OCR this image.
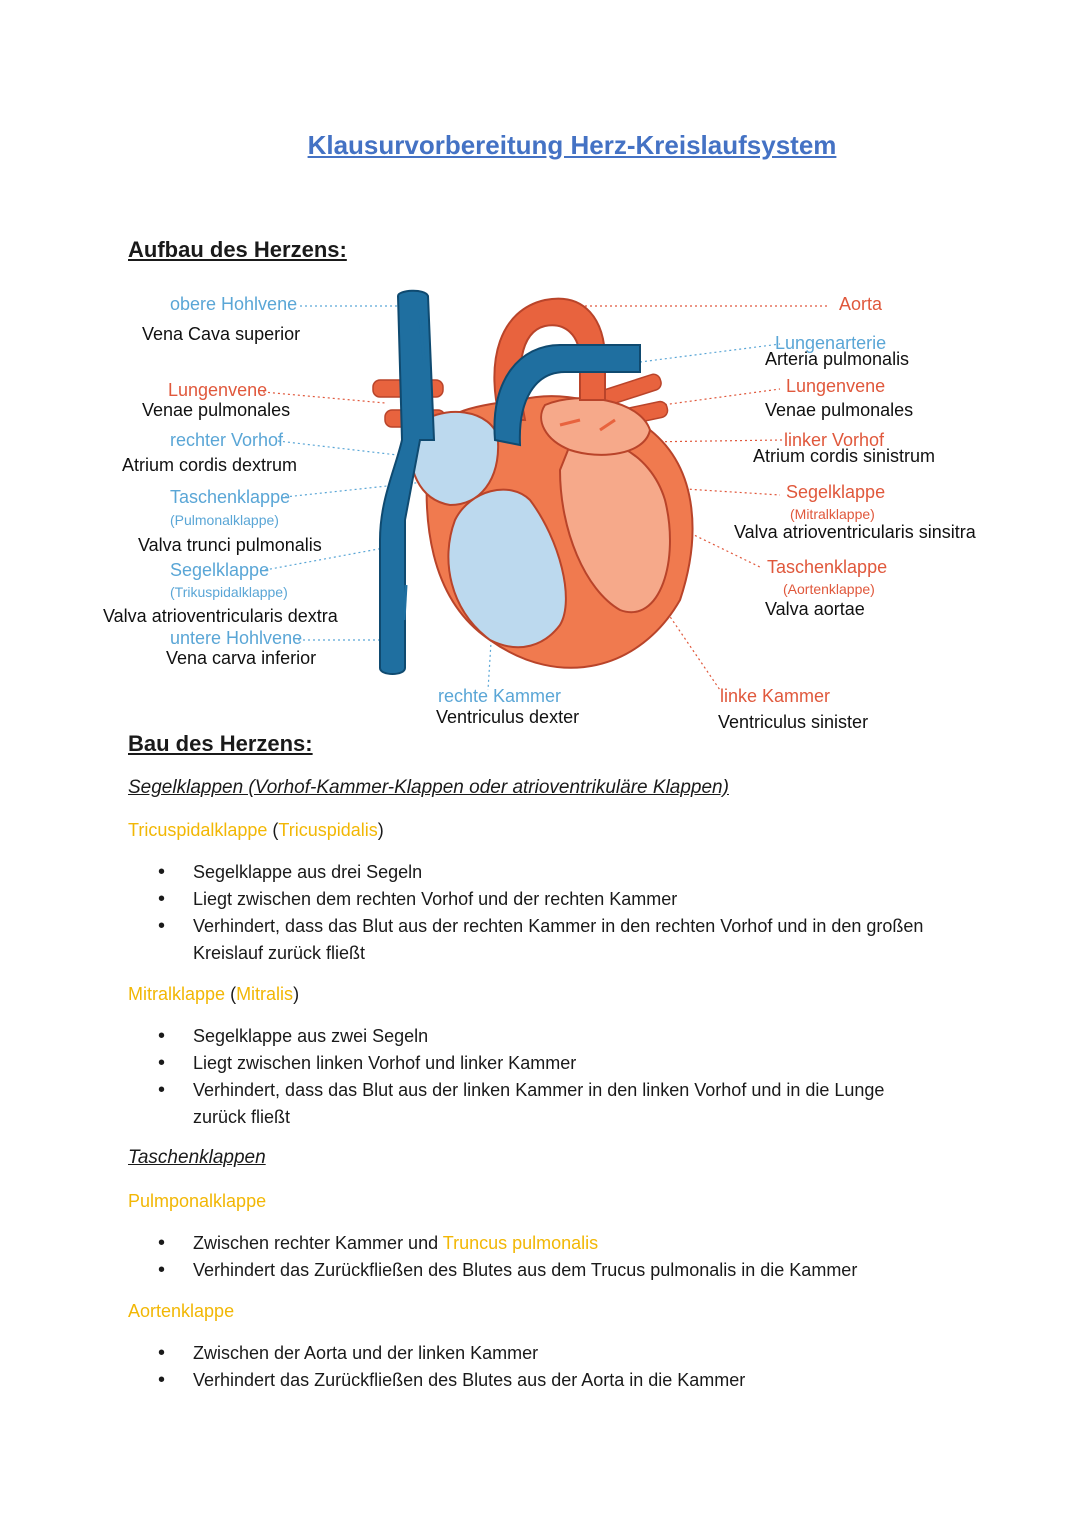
Klausurvorbereitung Herz-Kreislaufsystem
Aufbau des Herzens:
obere Hohlvene
Vena Cava superior
Lungenvene
Venae pulmonales
rechter Vorhof
Atrium cordis dextrum
Taschenklappe
(Pulmonalklappe)
Valva trunci pulmonalis
Segelklappe
(Trikuspidalklappe)
Valva atrioventricularis dextra
untere Hohlvene
Vena carva inferior
Aorta
Lungenarterie
Arteria pulmonalis
Lungenvene
Venae pulmonales
linker Vorhof
Atrium cordis sinistrum
Segelklappe
(Mitralklappe)
Valva atrioventricularis sinsitra
Taschenklappe
(Aortenklappe)
Valva aortae
rechte Kammer
Ventriculus dexter
linke Kammer
Ventriculus sinister
Bau des Herzens:
Segelklappen (Vorhof-Kammer-Klappen oder atrioventrikuläre Klappen)
Tricuspidalklappe (Tricuspidalis)
• Segelklappe aus drei Segeln
• Liegt zwischen dem rechten Vorhof und der rechten Kammer
• Verhindert, dass das Blut aus der rechten Kammer in den rechten Vorhof und in den großen
Kreislauf zurück fließt
Mitralklappe (Mitralis)
• Segelklappe aus zwei Segeln
• Liegt zwischen linken Vorhof und linker Kammer
• Verhindert, dass das Blut aus der linken Kammer in den linken Vorhof und in die Lunge
zurück fließt
Taschenklappen
Pulmponalklappe
• Zwischen rechter Kammer und Truncus pulmonalis
• Verhindert das Zurückfließen des Blutes aus dem Trucus pulmonalis in die Kammer
Aortenklappe
• Zwischen der Aorta und der linken Kammer
• Verhindert das Zurückfließen des Blutes aus der Aorta in die Kammer
